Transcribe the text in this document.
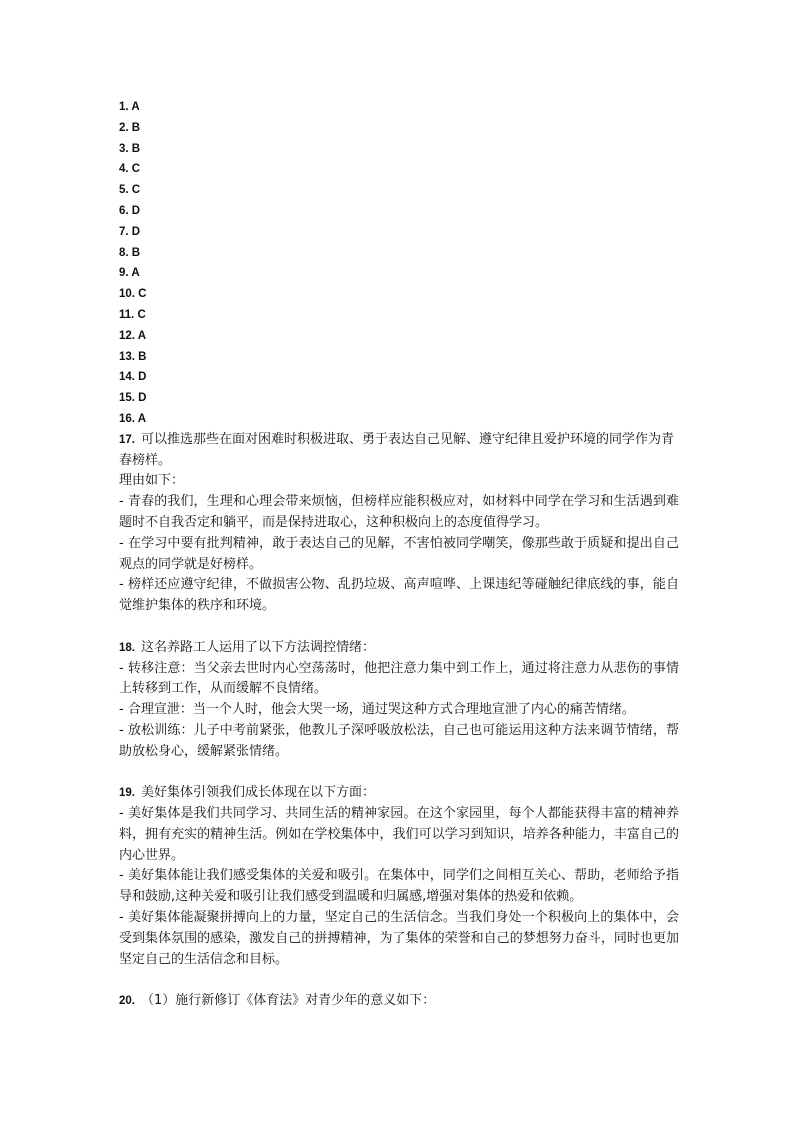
1. A
2. B
3. B
4. C
5. C
6. D
7. D
8. B
9. A
10. C
11. C
12. A
13. B
14. D
15. D
16. A
17. 可以推选那些在面对困难时积极进取、勇于表达自己见解、遵守纪律且爱护环境的同学作为青春榜样。
理由如下：
- 青春的我们，生理和心理会带来烦恼，但榜样应能积极应对，如材料中同学在学习和生活遇到难题时不自我否定和躺平，而是保持进取心，这种积极向上的态度值得学习。
- 在学习中要有批判精神，敢于表达自己的见解，不害怕被同学嘲笑，像那些敢于质疑和提出自己观点的同学就是好榜样。
- 榜样还应遵守纪律，不做损害公物、乱扔垃圾、高声喧哗、上课违纪等碰触纪律底线的事，能自觉维护集体的秩序和环境。
18. 这名养路工人运用了以下方法调控情绪：
- 转移注意：当父亲去世时内心空荡荡时，他把注意力集中到工作上，通过将注意力从悲伤的事情上转移到工作，从而缓解不良情绪。
- 合理宣泄：当一个人时，他会大哭一场，通过哭这种方式合理地宣泄了内心的痛苦情绪。
- 放松训练：儿子中考前紧张，他教儿子深呼吸放松法，自己也可能运用这种方法来调节情绪，帮助放松身心，缓解紧张情绪。
19. 美好集体引领我们成长体现在以下方面：
- 美好集体是我们共同学习、共同生活的精神家园。在这个家园里，每个人都能获得丰富的精神养料，拥有充实的精神生活。例如在学校集体中，我们可以学习到知识，培养各种能力，丰富自己的内心世界。
- 美好集体能让我们感受集体的关爱和吸引。在集体中，同学们之间相互关心、帮助，老师给予指导和鼓励,这种关爱和吸引让我们感受到温暖和归属感,增强对集体的热爱和依赖。
- 美好集体能凝聚拼搏向上的力量，坚定自己的生活信念。当我们身处一个积极向上的集体中，会受到集体氛围的感染，激发自己的拼搏精神，为了集体的荣誉和自己的梦想努力奋斗，同时也更加坚定自己的生活信念和目标。
20. （1）施行新修订《体育法》对青少年的意义如下：
